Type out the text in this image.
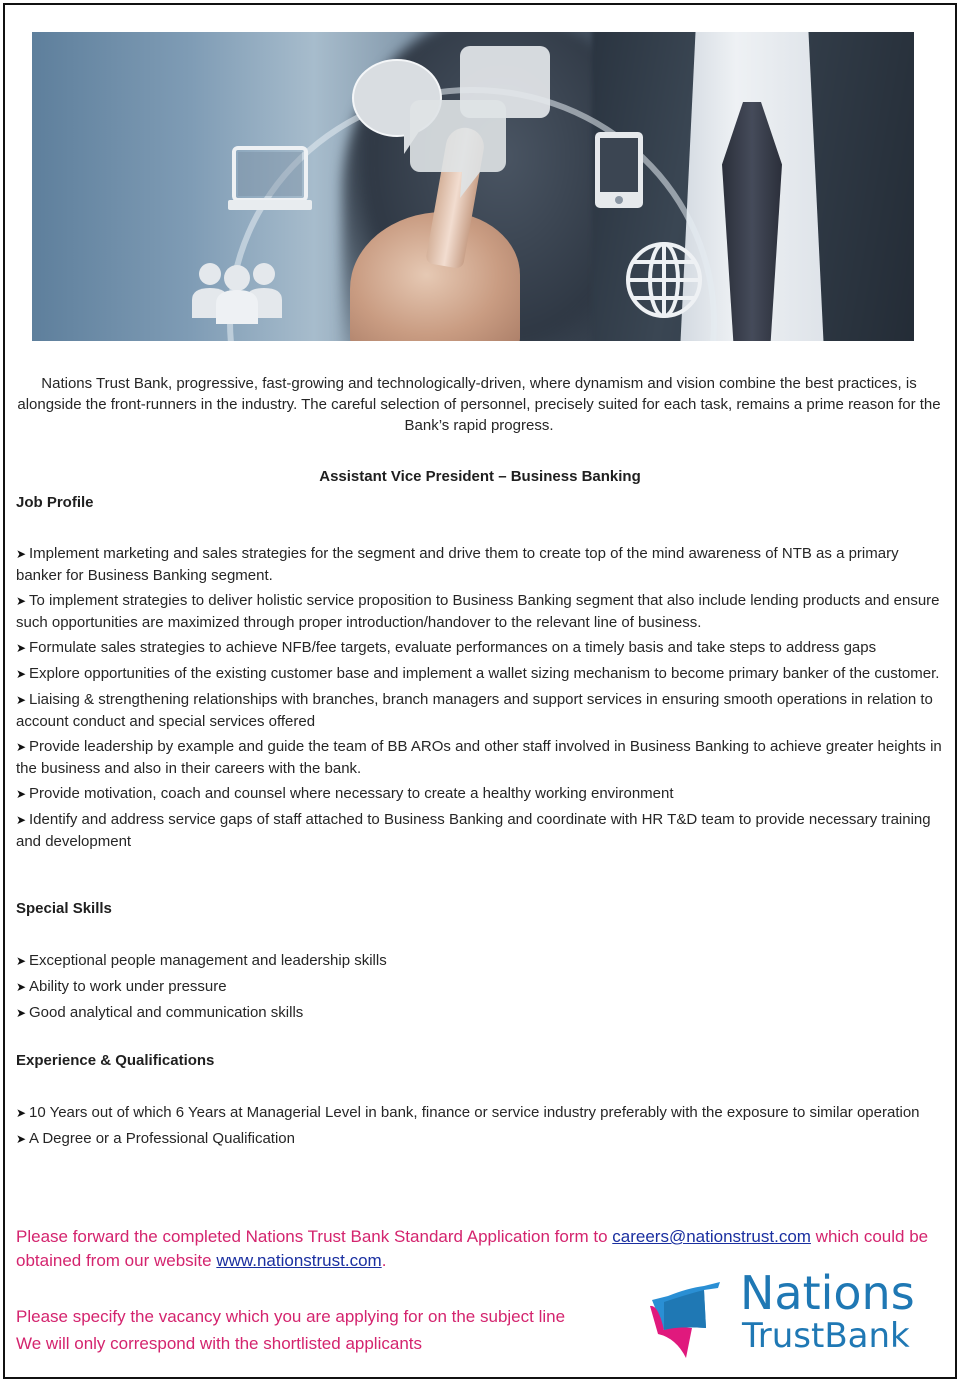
Nations Trust Bank, progressive, fast-growing and technologically-driven, where dynamism and vision combine the best practices, is alongside the front-runners in the industry. The careful selection of personnel, precisely suited for each task, remains a prime reason for the Bank’s rapid progress.

Assistant Vice President – Business Banking
Job Profile
➤ Implement marketing and sales strategies for the segment and drive them to create top of the mind awareness of NTB as a primary banker for Business Banking segment.
➤ To implement strategies to deliver holistic service proposition to Business Banking segment that also include lending products and ensure such opportunities are maximized through proper introduction/handover to the relevant line of business.
➤ Formulate sales strategies to achieve NFB/fee targets, evaluate performances on a timely basis and take steps to address gaps
➤ Explore opportunities of the existing customer base and implement a wallet sizing mechanism to become primary banker of the customer.
➤ Liaising & strengthening relationships with branches, branch managers and support services in ensuring smooth operations in relation to account conduct and special services offered
➤ Provide leadership by example and guide the team of BB AROs and other staff involved in Business Banking to achieve greater heights in the business and also in their careers with the bank.
➤ Provide motivation, coach and counsel where necessary to create a healthy working environment
➤ Identify and address service gaps of staff attached to Business Banking and coordinate with HR T&D team to provide necessary training and development
Special Skills
➤ Exceptional people management and leadership skills
➤ Ability to work under pressure
➤ Good analytical and communication skills
Experience & Qualifications
➤ 10 Years out of which 6 Years at Managerial Level in bank, finance or service industry preferably with the exposure to similar operation
➤ A Degree or a Professional Qualification

Please forward the completed Nations Trust Bank Standard Application form to careers@nationstrust.com which could be obtained from our website www.nationstrust.com.

Please specify the vacancy which you are applying for on the subject line

We will only correspond with the shortlisted applicants

Nations
TrustBank
